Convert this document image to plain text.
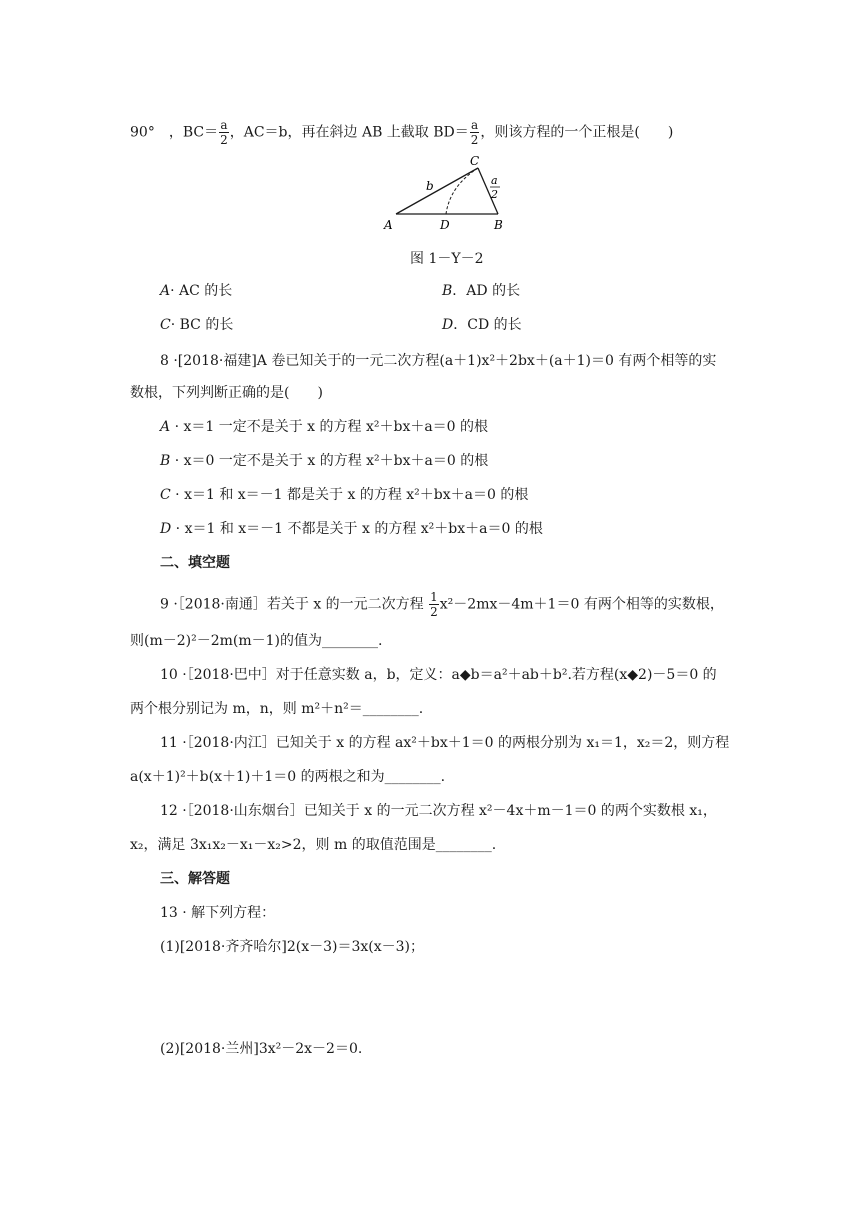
90°　，$BC= \frac{a}{2}$ ，AC＝b，再在斜边 AB 上截取 $BD= \frac{a}{2}$ ，则该方程的一个正根是(　　)
A	D	B
C
b	a
2
图 1－Y－2
A· AC 的长	B．AD 的长
C· BC 的长	D．CD 的长
8 ·[2018·福建]A 卷已知关于的一元二次方程(a＋1)x²＋2bx＋(a＋1)＝0 有两个相等的实
数根，下列判断正确的是(　　)
A · x＝1 一定不是关于 x 的方程 x²＋bx＋a＝0 的根
B · x＝0 一定不是关于 x 的方程 x²＋bx＋a＝0 的根
C · x＝1 和 x＝－1 都是关于 x 的方程 x²＋bx＋a＝0 的根
D · x＝1 和 x＝－1 不都是关于 x 的方程 x²＋bx＋a＝0 的根
二、填空题
9 ·［2018·南通］若关于 x 的一元二次方程 $\frac{1}{2} x^2-2mx-4m+1=0$ 有两个相等的实数根，
则(m－2)²－2m(m－1)的值为________.
10 ·［2018·巴中］对于任意实数 a，b，定义：a◆b＝a²＋ab＋b².若方程(x◆2)－5＝0 的
两个根分别记为 m，n，则 m²＋n²＝________.
11 ·［2018·内江］已知关于 x 的方程 ax²＋bx＋1＝0 的两根分别为 x₁＝1，x₂＝2，则方程
a(x＋1)²＋b(x＋1)＋1＝0 的两根之和为________.
12 ·［2018·山东烟台］已知关于 x 的一元二次方程 x²－4x＋m－1＝0 的两个实数根 x₁，
x₂，满足 3x₁x₂－x₁－x₂>2，则 m 的取值范围是________.
三、解答题
13 · 解下列方程：
(1)[2018·齐齐哈尔]2(x－3)＝3x(x－3)；
(2)[2018·兰州]3x²－2x－2＝0.
